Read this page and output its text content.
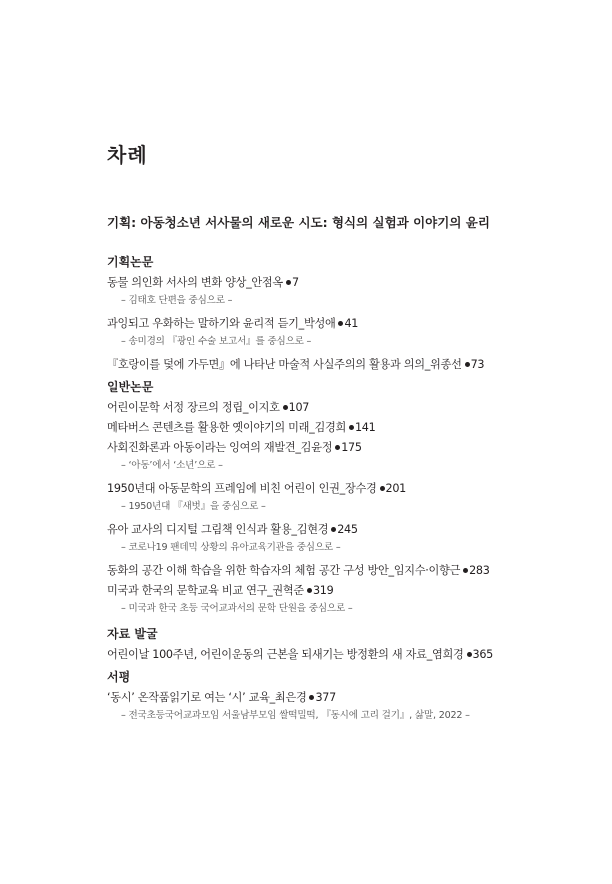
차례

기획: 아동청소년 서사물의 새로운 시도: 형식의 실험과 이야기의 윤리

기획논문

동물 의인화 서사의 변화 양상_안점옥 7

– 김태호 단편을 중심으로 –

과잉되고 우화하는 말하기와 윤리적 듣기_박성애 41

– 송미경의 『광인 수술 보고서』를 중심으로 –

『호랑이를 덫에 가두면』에 나타난 마술적 사실주의의 활용과 의의_위종선 73

일반논문

어린이문학 서정 장르의 정립_이지호 107

메타버스 콘텐츠를 활용한 옛이야기의 미래_김경희 141

사회진화론과 아동이라는 잉여의 재발견_김윤정 175

– ‘아동’에서 ‘소년’으로 –

1950년대 아동문학의 프레임에 비친 어린이 인권_장수경 201

– 1950년대 『새벗』을 중심으로 –

유아 교사의 디지털 그림책 인식과 활용_김현경 245

– 코로나19 팬데믹 상황의 유아교육기관을 중심으로 –

동화의 공간 이해 학습을 위한 학습자의 체험 공간 구성 방안_임지수·이향근 283

미국과 한국의 문학교육 비교 연구_권혁준 319

– 미국과 한국 초등 국어교과서의 문학 단원을 중심으로 –

자료 발굴

어린이날 100주년, 어린이운동의 근본을 되새기는 방정환의 새 자료_염희경 365

서평

‘동시’ 온작품읽기로 여는 ‘시’ 교육_최은경 377

– 전국초등국어교과모임 서울남부모임 쌀떡밀떡, 『동시에 고리 걸기』, 삶말, 2022 –
